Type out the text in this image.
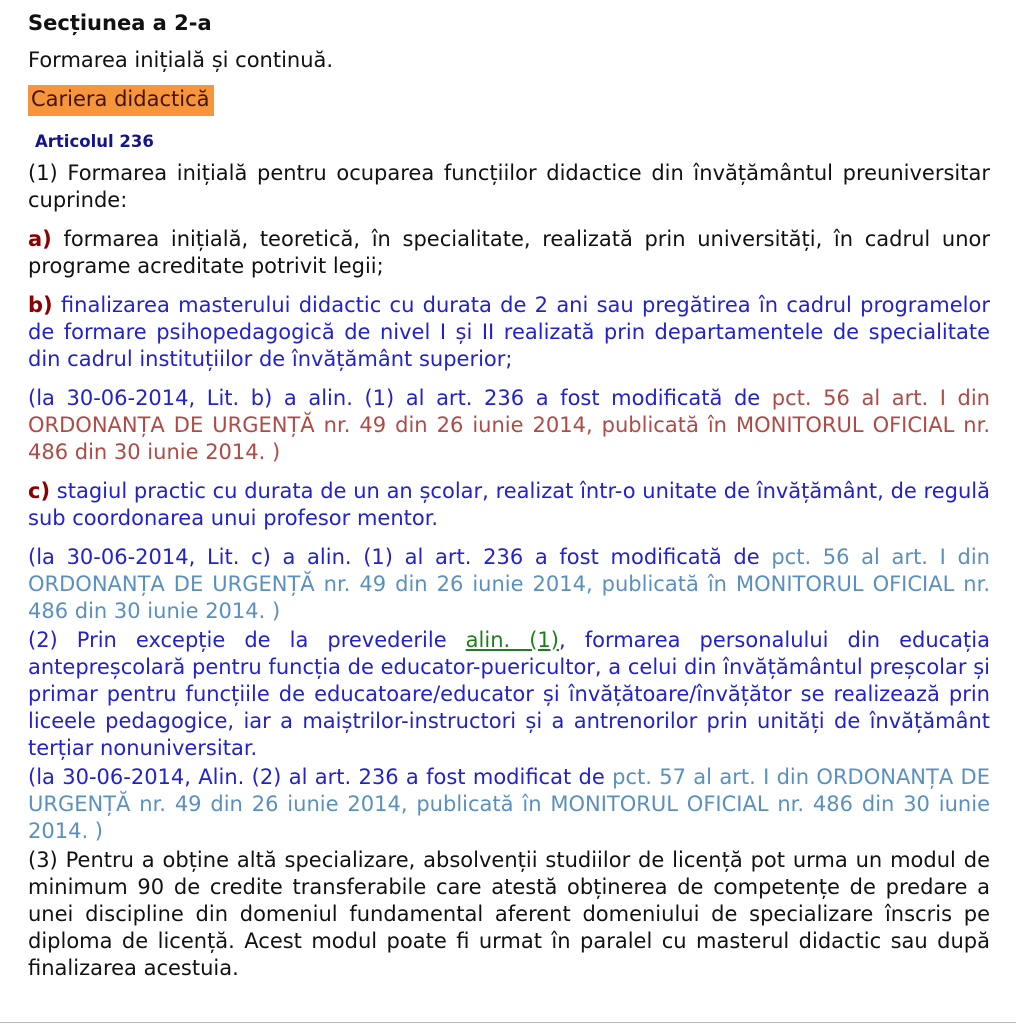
Secțiunea a 2-a
Formarea inițială și continuă.
Cariera didactică
Articolul 236

(1) Formarea inițială pentru ocuparea funcțiilor didactice din învățământul preuniversitar cuprinde:

a) formarea inițială, teoretică, în specialitate, realizată prin universități, în cadrul unor programe acreditate potrivit legii;

b) finalizarea masterului didactic cu durata de 2 ani sau pregătirea în cadrul programelor de formare psihopedagogică de nivel I și II realizată prin departamentele de specialitate din cadrul instituțiilor de învățământ superior;

(la 30-06-2014, Lit. b) a alin. (1) al art. 236 a fost modificată de pct. 56 al art. I din ORDONANȚA DE URGENȚĂ nr. 49 din 26 iunie 2014, publicată în MONITORUL OFICIAL nr. 486 din 30 iunie 2014. )

c) stagiul practic cu durata de un an școlar, realizat într-o unitate de învățământ, de regulă sub coordonarea unui profesor mentor.

(la 30-06-2014, Lit. c) a alin. (1) al art. 236 a fost modificată de pct. 56 al art. I din ORDONANȚA DE URGENȚĂ nr. 49 din 26 iunie 2014, publicată în MONITORUL OFICIAL nr. 486 din 30 iunie 2014. )

(2) Prin excepție de la prevederile alin. (1), formarea personalului din educația antepreșcolară pentru funcția de educator-puericultor, a celui din învățământul preșcolar și primar pentru funcțiile de educatoare/educator și învățătoare/învățător se realizează prin liceele pedagogice, iar a maiștrilor-instructori și a antrenorilor prin unități de învățământ terțiar nonuniversitar.

(la 30-06-2014, Alin. (2) al art. 236 a fost modificat de pct. 57 al art. I din ORDONANȚA DE URGENȚĂ nr. 49 din 26 iunie 2014, publicată în MONITORUL OFICIAL nr. 486 din 30 iunie 2014. )

(3) Pentru a obține altă specializare, absolvenții studiilor de licență pot urma un modul de minimum 90 de credite transferabile care atestă obținerea de competențe de predare a unei discipline din domeniul fundamental aferent domeniului de specializare înscris pe diploma de licență. Acest modul poate fi urmat în paralel cu masterul didactic sau după finalizarea acestuia.
